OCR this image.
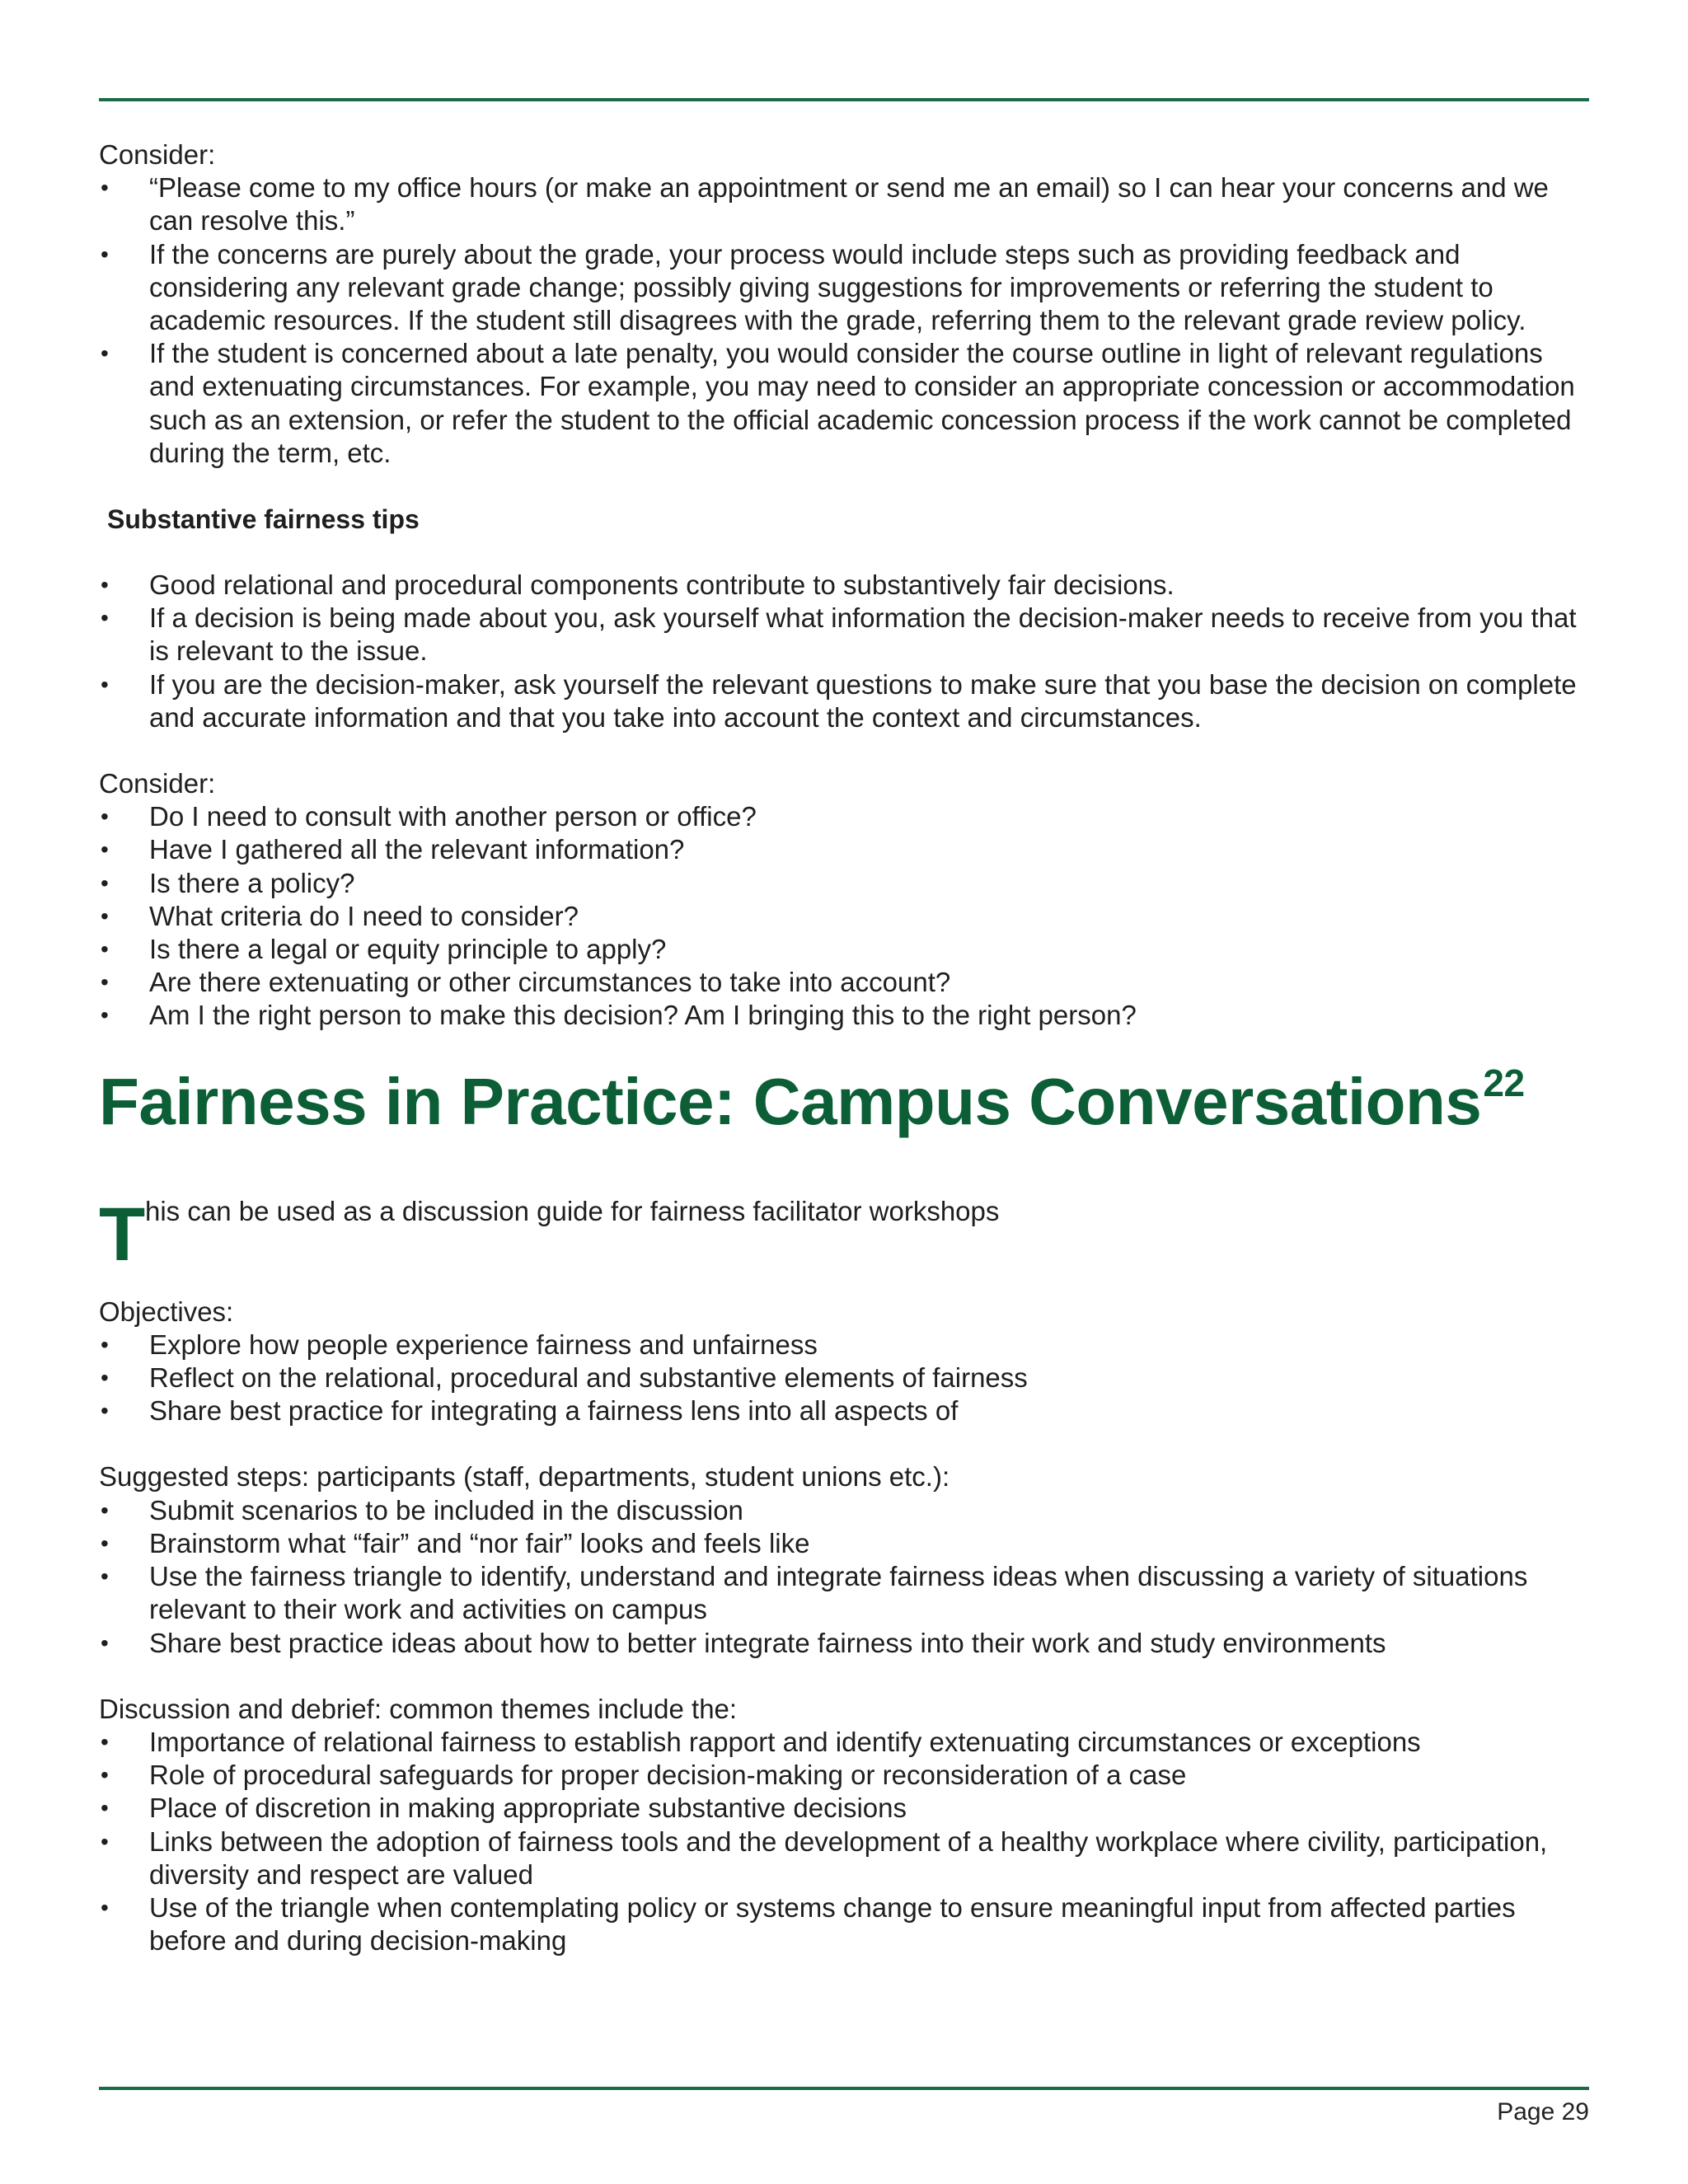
Consider:

• “Please come to my office hours (or make an appointment or send me an email) so I can hear your concerns and we can resolve this.”
• If the concerns are purely about the grade, your process would include steps such as providing feedback and considering any relevant grade change; possibly giving suggestions for improvements or referring the student to academic resources. If the student still disagrees with the grade, referring them to the relevant grade review policy.
• If the student is concerned about a late penalty, you would consider the course outline in light of relevant regulations and extenuating circumstances. For example, you may need to consider an appropriate concession or accommodation such as an extension, or refer the student to the official academic concession process if the work cannot be completed during the term, etc.

Substantive fairness tips

• Good relational and procedural components contribute to substantively fair decisions.
• If a decision is being made about you, ask yourself what information the decision-maker needs to receive from you that is relevant to the issue.
• If you are the decision-maker, ask yourself the relevant questions to make sure that you base the decision on complete and accurate information and that you take into account the context and circumstances.

Consider:

• Do I need to consult with another person or office?
• Have I gathered all the relevant information?
• Is there a policy?
• What criteria do I need to consider?
• Is there a legal or equity principle to apply?
• Are there extenuating or other circumstances to take into account?
• Am I the right person to make this decision? Am I bringing this to the right person?
Fairness in Practice: Campus Conversations$^{22}$
T his can be used as a discussion guide for fairness facilitator workshops

Objectives:

• Explore how people experience fairness and unfairness
• Reflect on the relational, procedural and substantive elements of fairness
• Share best practice for integrating a fairness lens into all aspects of

Suggested steps: participants (staff, departments, student unions etc.):

• Submit scenarios to be included in the discussion
• Brainstorm what “fair” and “nor fair” looks and feels like
• Use the fairness triangle to identify, understand and integrate fairness ideas when discussing a variety of situations relevant to their work and activities on campus
• Share best practice ideas about how to better integrate fairness into their work and study environments

Discussion and debrief: common themes include the:

• Importance of relational fairness to establish rapport and identify extenuating circumstances or exceptions
• Role of procedural safeguards for proper decision-making or reconsideration of a case
• Place of discretion in making appropriate substantive decisions
• Links between the adoption of fairness tools and the development of a healthy workplace where civility, participation, diversity and respect are valued
• Use of the triangle when contemplating policy or systems change to ensure meaningful input from affected parties before and during decision-making
Page 29
